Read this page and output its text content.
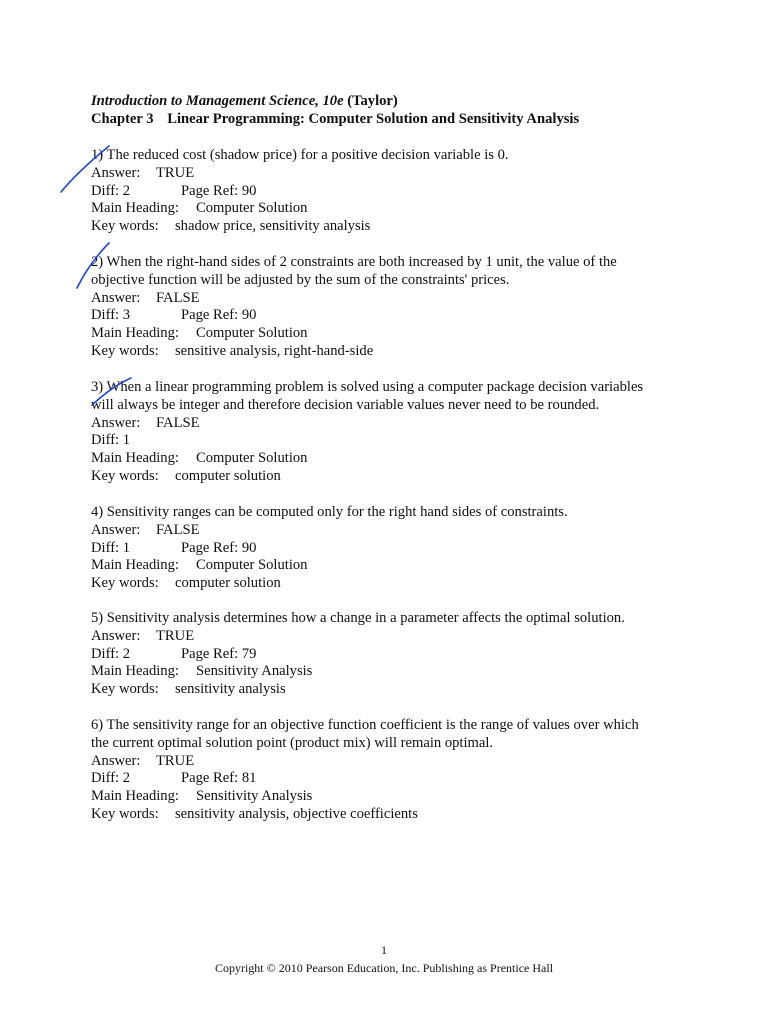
Introduction to Management Science, 10e (Taylor)
Chapter 3 Linear Programming: Computer Solution and Sensitivity Analysis
1) The reduced cost (shadow price) for a positive decision variable is 0.
Answer: TRUE
Diff: 2	Page Ref: 90
Main Heading: Computer Solution
Key words: shadow price, sensitivity analysis
2) When the right-hand sides of 2 constraints are both increased by 1 unit, the value of the
objective function will be adjusted by the sum of the constraints' prices.
Answer: FALSE
Diff: 3	Page Ref: 90
Main Heading: Computer Solution
Key words: sensitive analysis, right-hand-side
3) When a linear programming problem is solved using a computer package decision variables
will always be integer and therefore decision variable values never need to be rounded.
Answer: FALSE
Diff: 1
Main Heading: Computer Solution
Key words: computer solution
4) Sensitivity ranges can be computed only for the right hand sides of constraints.
Answer: FALSE
Diff: 1	Page Ref: 90
Main Heading: Computer Solution
Key words: computer solution
5) Sensitivity analysis determines how a change in a parameter affects the optimal solution.
Answer: TRUE
Diff: 2	Page Ref: 79
Main Heading: Sensitivity Analysis
Key words: sensitivity analysis
6) The sensitivity range for an objective function coefficient is the range of values over which
the current optimal solution point (product mix) will remain optimal.
Answer: TRUE
Diff: 2	Page Ref: 81
Main Heading: Sensitivity Analysis
Key words: sensitivity analysis, objective coefficients
1
Copyright © 2010 Pearson Education, Inc. Publishing as Prentice Hall
